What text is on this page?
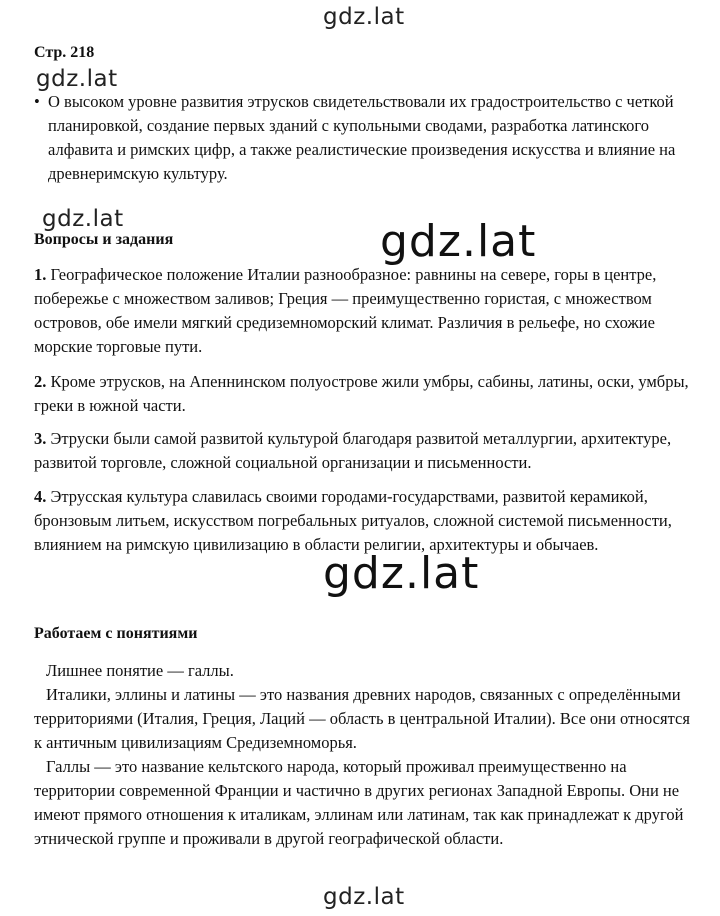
gdz.lat
gdz.lat
gdz.lat	gdz.lat
gdz.lat
gdz.lat
Стр. 218
• О высоком уровне развития этрусков свидетельствовали их градостроительство с четкой планировкой, создание первых зданий с купольными сводами, разработка латинского алфавита и римских цифр, а также реалистические произведения искусства и влияние на древнеримскую культуру.
Вопросы и задания
1. Географическое положение Италии разнообразное: равнины на севере, горы в центре, побережье с множеством заливов; Греция — преимущественно гористая, с множеством островов, обе имели мягкий средиземноморский климат. Различия в рельефе, но схожие морские торговые пути.
2. Кроме этрусков, на Апеннинском полуострове жили умбры, сабины, латины, оски, умбры, греки в южной части.
3. Этруски были самой развитой культурой благодаря развитой металлургии, архитектуре, развитой торговле, сложной социальной организации и письменности.
4. Этрусская культура славилась своими городами-государствами, развитой керамикой, бронзовым литьем, искусством погребальных ритуалов, сложной системой письменности, влиянием на римскую цивилизацию в области религии, архитектуры и обычаев.
Работаем с понятиями
Лишнее понятие — галлы.
Италики, эллины и латины — это названия древних народов, связанных с определёнными территориями (Италия, Греция, Лаций — область в центральной Италии). Все они относятся к античным цивилизациям Средиземноморья.
Галлы — это название кельтского народа, который проживал преимущественно на территории современной Франции и частично в других регионах Западной Европы. Они не имеют прямого отношения к италикам, эллинам или латинам, так как принадлежат к другой этнической группе и проживали в другой географической области.
